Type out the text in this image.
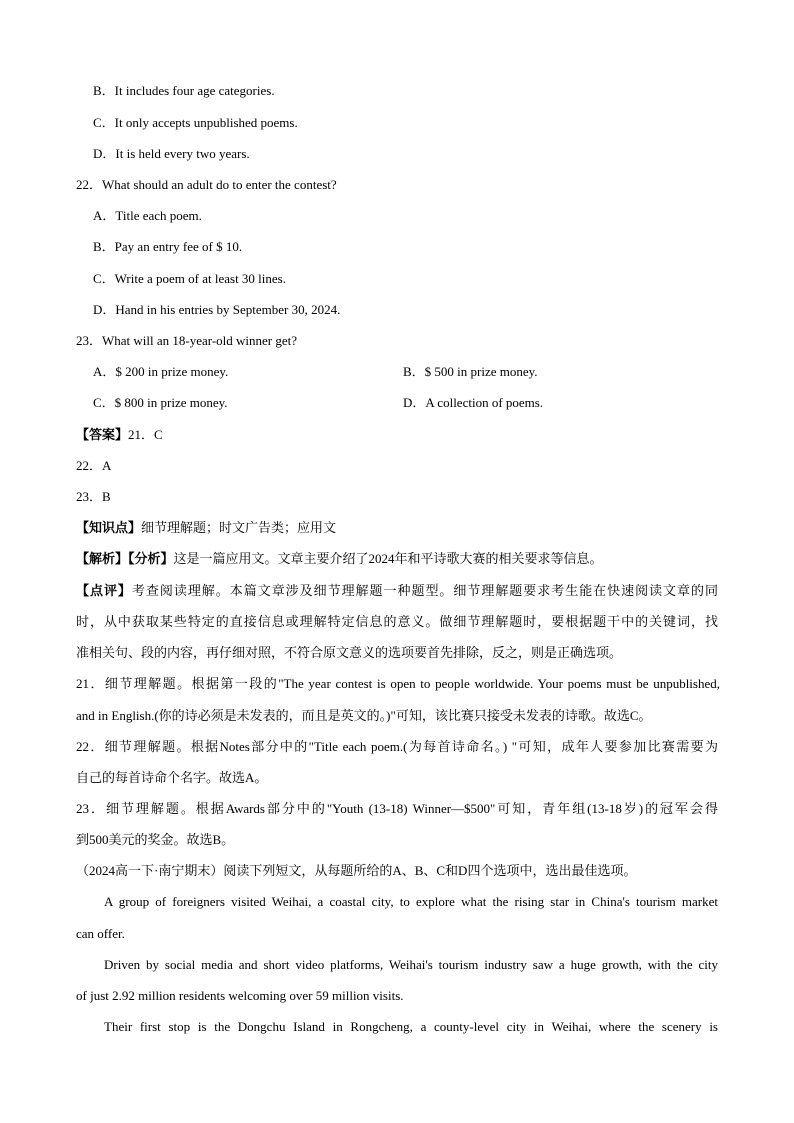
B．It includes four age categories.
C．It only accepts unpublished poems.
D．It is held every two years.
22．What should an adult do to enter the contest?
A．Title each poem.
B．Pay an entry fee of $ 10.
C．Write a poem of at least 30 lines.
D．Hand in his entries by September 30, 2024.
23．What will an 18-year-old winner get?
A．$ 200 in prize money.	B．$ 500 in prize money.
C．$ 800 in prize money.	D．A collection of poems.
【答案】21．C
22．A
23．B
【知识点】细节理解题；时文广告类；应用文
【解析】【分析】这是一篇应用文。文章主要介绍了2024年和平诗歌大赛的相关要求等信息。
【点评】考查阅读理解。本篇文章涉及细节理解题一种题型。细节理解题要求考生能在快速阅读文章的同
时，从中获取某些特定的直接信息或理解特定信息的意义。做细节理解题时，要根据题干中的关键词，找
准相关句、段的内容，再仔细对照，不符合原文意义的选项要首先排除，反之，则是正确选项。
21．细节理解题。根据第一段的"The year contest is open to people worldwide. Your poems must be unpublished,
and in English.(你的诗必须是未发表的，而且是英文的。)"可知，该比赛只接受未发表的诗歌。故选C。
22．细节理解题。根据Notes部分中的"Title each poem.(为每首诗命名。) "可知，成年人要参加比赛需要为
自己的每首诗命个名字。故选A。
23．细节理解题。根据Awards部分中的"Youth (13-18) Winner—$500"可知，青年组(13-18岁)的冠军会得
到500美元的奖金。故选B。
（2024高一下·南宁期末）阅读下列短文，从每题所给的A、B、C和D四个选项中，选出最佳选项。
A group of foreigners visited Weihai, a coastal city, to explore what the rising star in China's tourism market
can offer.
Driven by social media and short video platforms, Weihai's tourism industry saw a huge growth, with the city
of just 2.92 million residents welcoming over 59 million visits.
Their first stop is the Dongchu Island in Rongcheng, a county-level city in Weihai, where the scenery is
